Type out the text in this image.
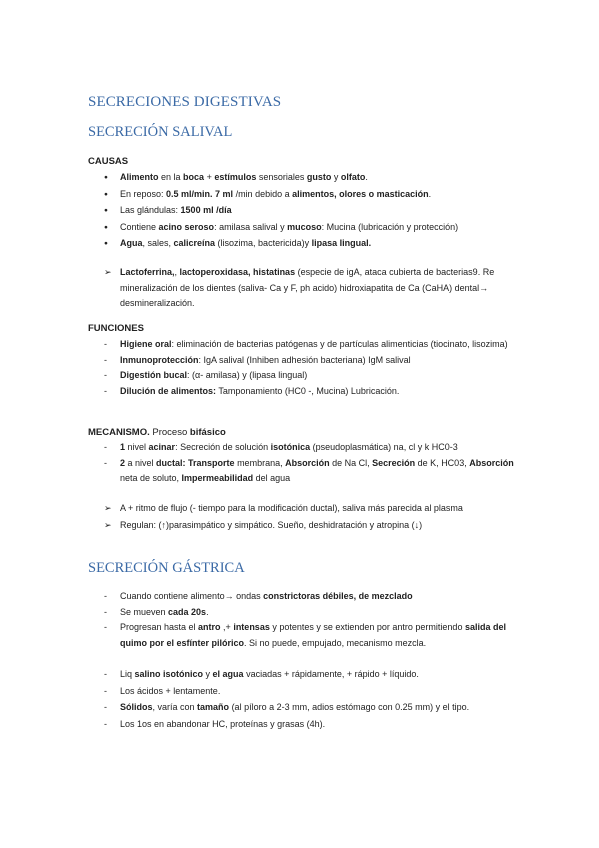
SECRECIONES DIGESTIVAS
SECRECIÓN SALIVAL
CAUSAS
●
Alimento en la boca + estímulos sensoriales gusto y olfato.
●
En reposo: 0.5 ml/min. 7 ml /min debido a alimentos, olores o masticación.
●
Las glándulas: 1500 ml /día
●
Contiene acino seroso: amilasa salival y mucoso: Mucina (lubricación y protección)
●
Agua, sales, calicreína (lisozima, bactericida)y lipasa lingual.
➢ Lactoferrina,, lactoperoxidasa, histatinas (especie de igA, ataca cubierta de bacterias9. Re mineralización de los dientes (saliva- Ca y F, ph acido) hidroxiapatita de Ca (CaHA) dental→ desmineralización.
FUNCIONES
-	Higiene oral: eliminación de bacterias patógenas y de partículas alimenticias (tiocinato, lisozima)
-	Inmunoprotección: IgA salival (Inhiben adhesión bacteriana) IgM salival
-	Digestión bucal: (α- amilasa) y (lipasa lingual)
-	Dilución de alimentos: Tamponamiento (HC0 -, Mucina) Lubricación.
MECANISMO. Proceso bifásico
-	1 nivel acinar: Secreción de solución isotónica (pseudoplasmática) na, cl y k HC0-3
-	2 a nivel ductal: Transporte membrana, Absorción de Na Cl, Secreción de K, HC03, Absorción neta de soluto, Impermeabilidad del agua
➢ A + ritmo de flujo (- tiempo para la modificación ductal), saliva más parecida al plasma
➢ Regulan: (↑)parasimpático y simpático. Sueño, deshidratación y atropina (↓)
SECRECIÓN GÁSTRICA
-	Cuando contiene alimento→ ondas constrictoras débiles, de mezclado
-	Se mueven cada 20s.
-	Progresan hasta el antro ,+ intensas y potentes y se extienden por antro permitiendo salida del quimo por el esfínter pilórico. Si no puede, empujado, mecanismo mezcla.
-	Liq salino isotónico y el agua vaciadas + rápidamente, + rápido + líquido.
-	Los ácidos + lentamente.
-	Sólidos, varía con tamaño (al píloro a 2-3 mm, adios estómago con 0.25 mm) y el tipo.
-	Los 1os en abandonar HC, proteínas y grasas (4h).
